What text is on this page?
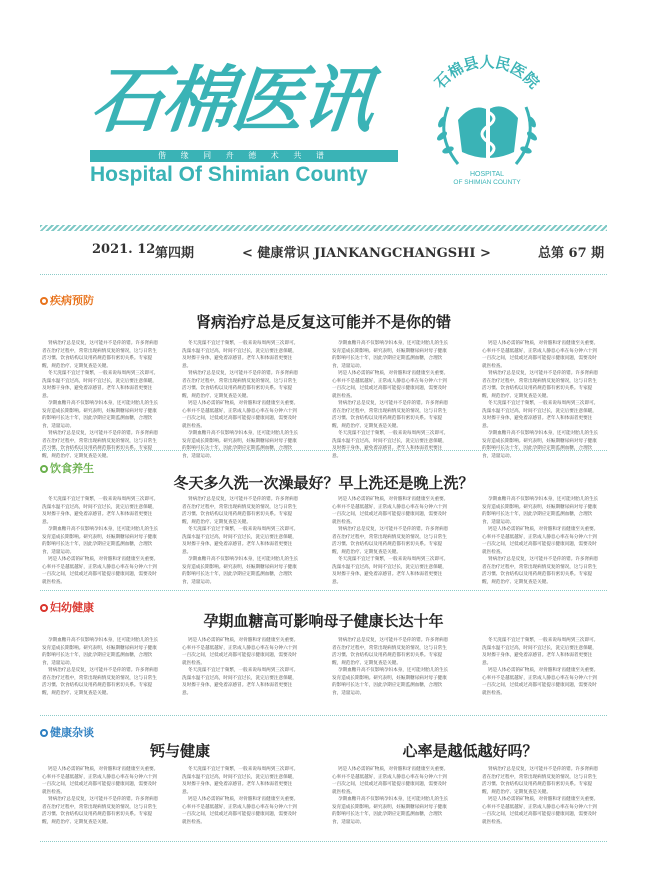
石棉医讯
偕 缘 同 舟 德 术 共 谱
Hospital Of Shimian County
石棉县人民医院
HOSPITAL
OF SHIMIAN COUNTY
2021. 12 第四期	< 健康常识 JIANKANGCHANGSHI >	总第 67 期
疾病预防
肾病治疗总是反复这可能并不是你的错

肾病治疗总是反复，这可能并不是你的错。许多肾病患者在治疗过程中，常常出现病情反复的情况，这与日常生活习惯、饮食结构以及用药规范都有密切关系。专家提醒，规范治疗、定期复查是关键。

冬天洗澡不宜过于频繁，一般来说每周两到三次即可。洗澡水温不宜过高，时间不宜过长，洗完后要注意保暖，及时擦干身体，避免着凉感冒。老年人和体弱者更要注意。

孕期血糖升高不仅影响孕妇本身，还可能对胎儿的生长发育造成长期影响。研究表明，妊娠期糖尿病对母子健康的影响可长达十年，因此孕期应定期监测血糖，合理饮食，适量运动。

肾病治疗总是反复，这可能并不是你的错。许多肾病患者在治疗过程中，常常出现病情反复的情况，这与日常生活习惯、饮食结构以及用药规范都有密切关系。专家提醒，规范治疗、定期复查是关键。

冬天洗澡不宜过于频繁，一般来说每周两到三次即可。洗澡水温不宜过高，时间不宜过长，洗完后要注意保暖，及时擦干身体，避免着凉感冒。老年人和体弱者更要注意。

肾病治疗总是反复，这可能并不是你的错。许多肾病患者在治疗过程中，常常出现病情反复的情况，这与日常生活习惯、饮食结构以及用药规范都有密切关系。专家提醒，规范治疗、定期复查是关键。

钙是人体必需的矿物质，对骨骼和牙齿健康至关重要。心率并不是越低越好，正常成人静息心率在每分钟六十到一百次之间，过低或过高都可能提示健康问题，需要及时就医检查。

孕期血糖升高不仅影响孕妇本身，还可能对胎儿的生长发育造成长期影响。研究表明，妊娠期糖尿病对母子健康的影响可长达十年，因此孕期应定期监测血糖，合理饮食，适量运动。

孕期血糖升高不仅影响孕妇本身，还可能对胎儿的生长发育造成长期影响。研究表明，妊娠期糖尿病对母子健康的影响可长达十年，因此孕期应定期监测血糖，合理饮食，适量运动。

钙是人体必需的矿物质，对骨骼和牙齿健康至关重要。心率并不是越低越好，正常成人静息心率在每分钟六十到一百次之间，过低或过高都可能提示健康问题，需要及时就医检查。

肾病治疗总是反复，这可能并不是你的错。许多肾病患者在治疗过程中，常常出现病情反复的情况，这与日常生活习惯、饮食结构以及用药规范都有密切关系。专家提醒，规范治疗、定期复查是关键。

冬天洗澡不宜过于频繁，一般来说每周两到三次即可。洗澡水温不宜过高，时间不宜过长，洗完后要注意保暖，及时擦干身体，避免着凉感冒。老年人和体弱者更要注意。

钙是人体必需的矿物质，对骨骼和牙齿健康至关重要。心率并不是越低越好，正常成人静息心率在每分钟六十到一百次之间，过低或过高都可能提示健康问题，需要及时就医检查。

肾病治疗总是反复，这可能并不是你的错。许多肾病患者在治疗过程中，常常出现病情反复的情况，这与日常生活习惯、饮食结构以及用药规范都有密切关系。专家提醒，规范治疗、定期复查是关键。

冬天洗澡不宜过于频繁，一般来说每周两到三次即可。洗澡水温不宜过高，时间不宜过长，洗完后要注意保暖，及时擦干身体，避免着凉感冒。老年人和体弱者更要注意。

孕期血糖升高不仅影响孕妇本身，还可能对胎儿的生长发育造成长期影响。研究表明，妊娠期糖尿病对母子健康的影响可长达十年，因此孕期应定期监测血糖，合理饮食，适量运动。

饮食养生
冬天多久洗一次澡最好？早上洗还是晚上洗？

冬天洗澡不宜过于频繁，一般来说每周两到三次即可。洗澡水温不宜过高，时间不宜过长，洗完后要注意保暖，及时擦干身体，避免着凉感冒。老年人和体弱者更要注意。

孕期血糖升高不仅影响孕妇本身，还可能对胎儿的生长发育造成长期影响。研究表明，妊娠期糖尿病对母子健康的影响可长达十年，因此孕期应定期监测血糖，合理饮食，适量运动。

钙是人体必需的矿物质，对骨骼和牙齿健康至关重要。心率并不是越低越好，正常成人静息心率在每分钟六十到一百次之间，过低或过高都可能提示健康问题，需要及时就医检查。

肾病治疗总是反复，这可能并不是你的错。许多肾病患者在治疗过程中，常常出现病情反复的情况，这与日常生活习惯、饮食结构以及用药规范都有密切关系。专家提醒，规范治疗、定期复查是关键。

冬天洗澡不宜过于频繁，一般来说每周两到三次即可。洗澡水温不宜过高，时间不宜过长，洗完后要注意保暖，及时擦干身体，避免着凉感冒。老年人和体弱者更要注意。

孕期血糖升高不仅影响孕妇本身，还可能对胎儿的生长发育造成长期影响。研究表明，妊娠期糖尿病对母子健康的影响可长达十年，因此孕期应定期监测血糖，合理饮食，适量运动。

钙是人体必需的矿物质，对骨骼和牙齿健康至关重要。心率并不是越低越好，正常成人静息心率在每分钟六十到一百次之间，过低或过高都可能提示健康问题，需要及时就医检查。

肾病治疗总是反复，这可能并不是你的错。许多肾病患者在治疗过程中，常常出现病情反复的情况，这与日常生活习惯、饮食结构以及用药规范都有密切关系。专家提醒，规范治疗、定期复查是关键。

冬天洗澡不宜过于频繁，一般来说每周两到三次即可。洗澡水温不宜过高，时间不宜过长，洗完后要注意保暖，及时擦干身体，避免着凉感冒。老年人和体弱者更要注意。

孕期血糖升高不仅影响孕妇本身，还可能对胎儿的生长发育造成长期影响。研究表明，妊娠期糖尿病对母子健康的影响可长达十年，因此孕期应定期监测血糖，合理饮食，适量运动。

钙是人体必需的矿物质，对骨骼和牙齿健康至关重要。心率并不是越低越好，正常成人静息心率在每分钟六十到一百次之间，过低或过高都可能提示健康问题，需要及时就医检查。

肾病治疗总是反复，这可能并不是你的错。许多肾病患者在治疗过程中，常常出现病情反复的情况，这与日常生活习惯、饮食结构以及用药规范都有密切关系。专家提醒，规范治疗、定期复查是关键。

妇幼健康
孕期血糖高可影响母子健康长达十年

孕期血糖升高不仅影响孕妇本身，还可能对胎儿的生长发育造成长期影响。研究表明，妊娠期糖尿病对母子健康的影响可长达十年，因此孕期应定期监测血糖，合理饮食，适量运动。

肾病治疗总是反复，这可能并不是你的错。许多肾病患者在治疗过程中，常常出现病情反复的情况，这与日常生活习惯、饮食结构以及用药规范都有密切关系。专家提醒，规范治疗、定期复查是关键。

钙是人体必需的矿物质，对骨骼和牙齿健康至关重要。心率并不是越低越好，正常成人静息心率在每分钟六十到一百次之间，过低或过高都可能提示健康问题，需要及时就医检查。

冬天洗澡不宜过于频繁，一般来说每周两到三次即可。洗澡水温不宜过高，时间不宜过长，洗完后要注意保暖，及时擦干身体，避免着凉感冒。老年人和体弱者更要注意。

肾病治疗总是反复，这可能并不是你的错。许多肾病患者在治疗过程中，常常出现病情反复的情况，这与日常生活习惯、饮食结构以及用药规范都有密切关系。专家提醒，规范治疗、定期复查是关键。

孕期血糖升高不仅影响孕妇本身，还可能对胎儿的生长发育造成长期影响。研究表明，妊娠期糖尿病对母子健康的影响可长达十年，因此孕期应定期监测血糖，合理饮食，适量运动。

冬天洗澡不宜过于频繁，一般来说每周两到三次即可。洗澡水温不宜过高，时间不宜过长，洗完后要注意保暖，及时擦干身体，避免着凉感冒。老年人和体弱者更要注意。

钙是人体必需的矿物质，对骨骼和牙齿健康至关重要。心率并不是越低越好，正常成人静息心率在每分钟六十到一百次之间，过低或过高都可能提示健康问题，需要及时就医检查。

健康杂谈
钙与健康	心率是越低越好吗？

钙是人体必需的矿物质，对骨骼和牙齿健康至关重要。心率并不是越低越好，正常成人静息心率在每分钟六十到一百次之间，过低或过高都可能提示健康问题，需要及时就医检查。

肾病治疗总是反复，这可能并不是你的错。许多肾病患者在治疗过程中，常常出现病情反复的情况，这与日常生活习惯、饮食结构以及用药规范都有密切关系。专家提醒，规范治疗、定期复查是关键。

冬天洗澡不宜过于频繁，一般来说每周两到三次即可。洗澡水温不宜过高，时间不宜过长，洗完后要注意保暖，及时擦干身体，避免着凉感冒。老年人和体弱者更要注意。

钙是人体必需的矿物质，对骨骼和牙齿健康至关重要。心率并不是越低越好，正常成人静息心率在每分钟六十到一百次之间，过低或过高都可能提示健康问题，需要及时就医检查。

钙是人体必需的矿物质，对骨骼和牙齿健康至关重要。心率并不是越低越好，正常成人静息心率在每分钟六十到一百次之间，过低或过高都可能提示健康问题，需要及时就医检查。

孕期血糖升高不仅影响孕妇本身，还可能对胎儿的生长发育造成长期影响。研究表明，妊娠期糖尿病对母子健康的影响可长达十年，因此孕期应定期监测血糖，合理饮食，适量运动。

肾病治疗总是反复，这可能并不是你的错。许多肾病患者在治疗过程中，常常出现病情反复的情况，这与日常生活习惯、饮食结构以及用药规范都有密切关系。专家提醒，规范治疗、定期复查是关键。

钙是人体必需的矿物质，对骨骼和牙齿健康至关重要。心率并不是越低越好，正常成人静息心率在每分钟六十到一百次之间，过低或过高都可能提示健康问题，需要及时就医检查。
